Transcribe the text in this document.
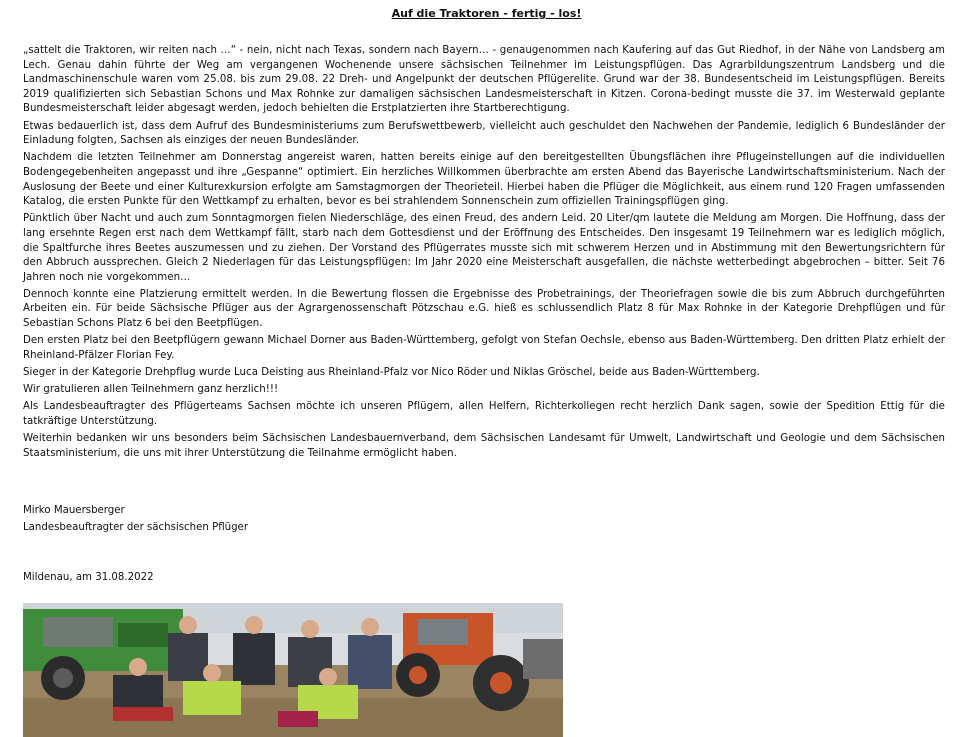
Auf die Traktoren - fertig - los!

„sattelt die Traktoren, wir reiten nach …“ - nein, nicht nach Texas, sondern nach Bayern… - genaugenommen nach Kaufering auf das Gut Riedhof, in der Nähe von Landsberg am Lech. Genau dahin führte der Weg am vergangenen Wochenende unsere sächsischen Teilnehmer im Leistungspflügen. Das Agrarbildungszentrum Landsberg und die Landmaschinenschule waren vom 25.08. bis zum 29.08. 22 Dreh- und Angelpunkt der deutschen Pflügerelite. Grund war der 38. Bundesentscheid im Leistungspflügen. Bereits 2019 qualifizierten sich Sebastian Schons und Max Rohnke zur damaligen sächsischen Landesmeisterschaft in Kitzen. Corona-bedingt musste die 37. im Westerwald geplante Bundesmeisterschaft leider abgesagt werden, jedoch behielten die Erstplatzierten ihre Startberechtigung.

Etwas bedauerlich ist, dass dem Aufruf des Bundesministeriums zum Berufswettbewerb, vielleicht auch geschuldet den Nachwehen der Pandemie, lediglich 6 Bundesländer der Einladung folgten, Sachsen als einziges der neuen Bundesländer.

Nachdem die letzten Teilnehmer am Donnerstag angereist waren, hatten bereits einige auf den bereitgestellten Übungsflächen ihre Pflugeinstellungen auf die individuellen Bodengegebenheiten angepasst und ihre „Gespanne“ optimiert. Ein herzliches Willkommen überbrachte am ersten Abend das Bayerische Landwirtschaftsministerium. Nach der Auslosung der Beete und einer Kulturexkursion erfolgte am Samstagmorgen der Theorieteil. Hierbei haben die Pflüger die Möglichkeit, aus einem rund 120 Fragen umfassenden Katalog, die ersten Punkte für den Wettkampf zu erhalten, bevor es bei strahlendem Sonnenschein zum offiziellen Trainingspflügen ging.

Pünktlich über Nacht und auch zum Sonntagmorgen fielen Niederschläge, des einen Freud, des andern Leid. 20 Liter/qm lautete die Meldung am Morgen. Die Hoffnung, dass der lang ersehnte Regen erst nach dem Wettkampf fällt, starb nach dem Gottesdienst und der Eröffnung des Entscheides. Den insgesamt 19 Teilnehmern war es lediglich möglich, die Spaltfurche ihres Beetes auszumessen und zu ziehen. Der Vorstand des Pflügerrates musste sich mit schwerem Herzen und in Abstimmung mit den Bewertungsrichtern für den Abbruch aussprechen. Gleich 2 Niederlagen für das Leistungspflügen: Im Jahr 2020 eine Meisterschaft ausgefallen, die nächste wetterbedingt abgebrochen – bitter. Seit 76 Jahren noch nie vorgekommen…

Dennoch konnte eine Platzierung ermittelt werden. In die Bewertung flossen die Ergebnisse des Probetrainings, der Theoriefragen sowie die bis zum Abbruch durchgeführten Arbeiten ein. Für beide Sächsische Pflüger aus der Agrargenossenschaft Pötzschau e.G. hieß es schlussendlich Platz 8 für Max Rohnke in der Kategorie Drehpflügen und für Sebastian Schons Platz 6 bei den Beetpflügen.

Den ersten Platz bei den Beetpflügern gewann Michael Dorner aus Baden-Württemberg, gefolgt von Stefan Oechsle, ebenso aus Baden-Württemberg. Den dritten Platz erhielt der Rheinland-Pfälzer Florian Fey.

Sieger in der Kategorie Drehpflug wurde Luca Deisting aus Rheinland-Pfalz vor Nico Röder und Niklas Gröschel, beide aus Baden-Württemberg.

Wir gratulieren allen Teilnehmern ganz herzlich!!!

Als Landesbeauftragter des Pflügerteams Sachsen möchte ich unseren Pflügern, allen Helfern, Richterkollegen recht herzlich Dank sagen, sowie der Spedition Ettig für die tatkräftige Unterstützung.

Weiterhin bedanken wir uns besonders beim Sächsischen Landesbauernverband, dem Sächsischen Landesamt für Umwelt, Landwirtschaft und Geologie und dem Sächsischen Staatsministerium, die uns mit ihrer Unterstützung die Teilnahme ermöglicht haben.

Mirko Mauersberger
Landesbeauftragter der sächsischen Pflüger
Mildenau, am 31.08.2022
